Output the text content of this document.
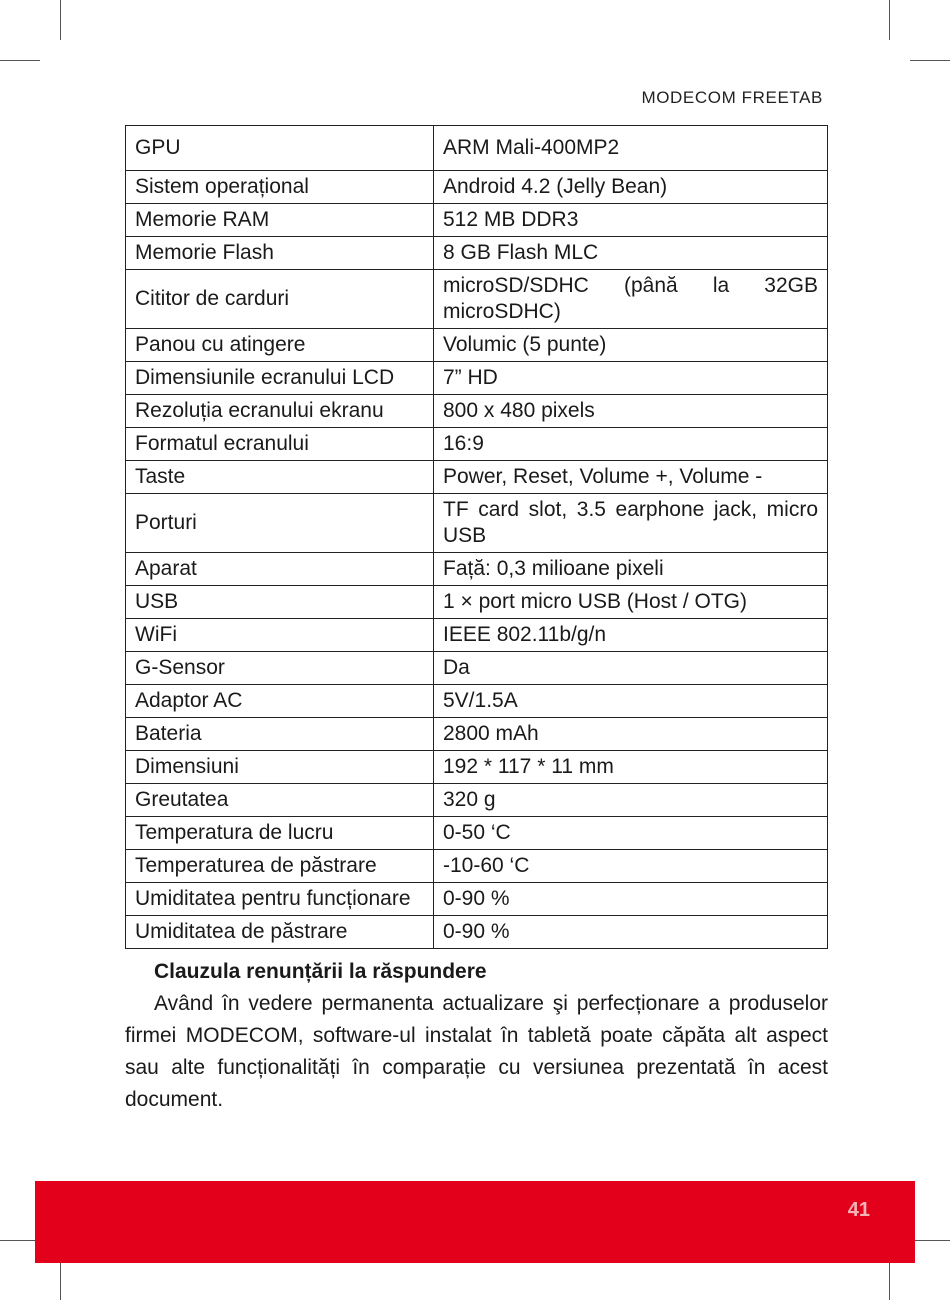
MODECOM FREETAB
GPU	ARM Mali-400MP2
Sistem operațional	Android 4.2 (Jelly Bean)
Memorie RAM	512 MB DDR3
Memorie Flash	8 GB Flash MLC
Cititor de carduri	microSD/SDHC (până la 32GB microSDHC)
Panou cu atingere	Volumic (5 punte)
Dimensiunile ecranului LCD	7” HD
Rezoluția ecranului ekranu	800 x 480 pixels
Formatul ecranului	16:9
Taste	Power, Reset, Volume +, Volume -
Porturi	TF card slot, 3.5 earphone jack, micro USB
Aparat	Față: 0,3 milioane pixeli
USB	1 × port micro USB (Host / OTG)
WiFi	IEEE 802.11b/g/n
G-Sensor	Da
Adaptor AC	5V/1.5A
Bateria	2800 mAh
Dimensiuni	192 * 117 * 11 mm
Greutatea	320 g
Temperatura de lucru	0-50 ‘C
Temperaturea de păstrare	-10-60 ‘C
Umiditatea pentru funcționare	0-90 %
Umiditatea de păstrare	0-90 %
Clauzula renunțării la răspundere

Având în vedere permanenta actualizare şi perfecționare a produselor firmei MODECOM, software-ul instalat în tabletă poate căpăta alt aspect sau alte funcționalități în comparație cu versiunea prezentată în acest document.

41
